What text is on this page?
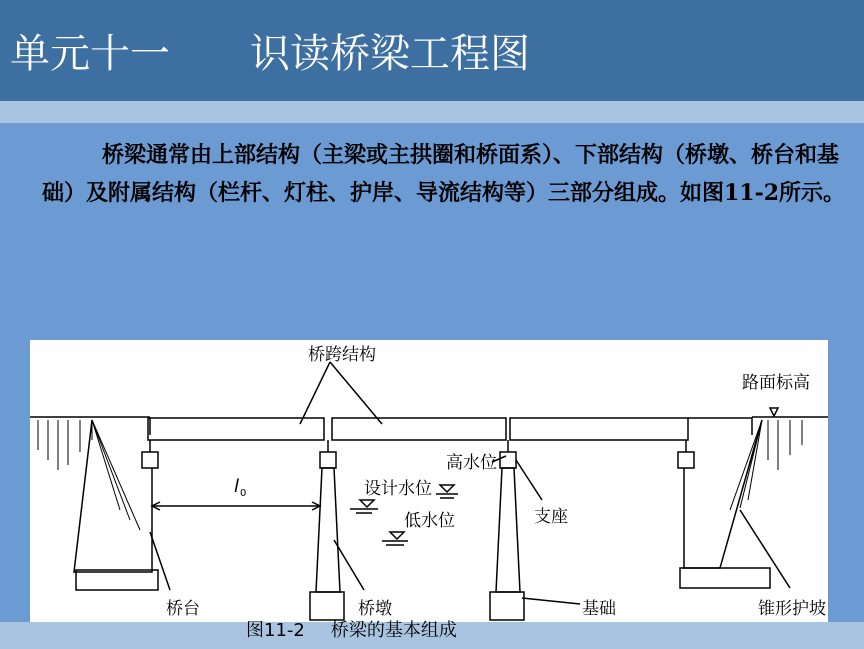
单元十一　　识读桥梁工程图
桥梁通常由上部结构（主梁或主拱圈和桥面系）、下部结构（桥墩、桥台和基础）及附属结构（栏杆、灯柱、护岸、导流结构等）三部分组成。如图11-2所示。
桥跨结构
路面标高
高水位
设计水位
低水位	支座
桥台	桥墩	基础	锥形护坡
l 0
图11-2 桥梁的基本组成
